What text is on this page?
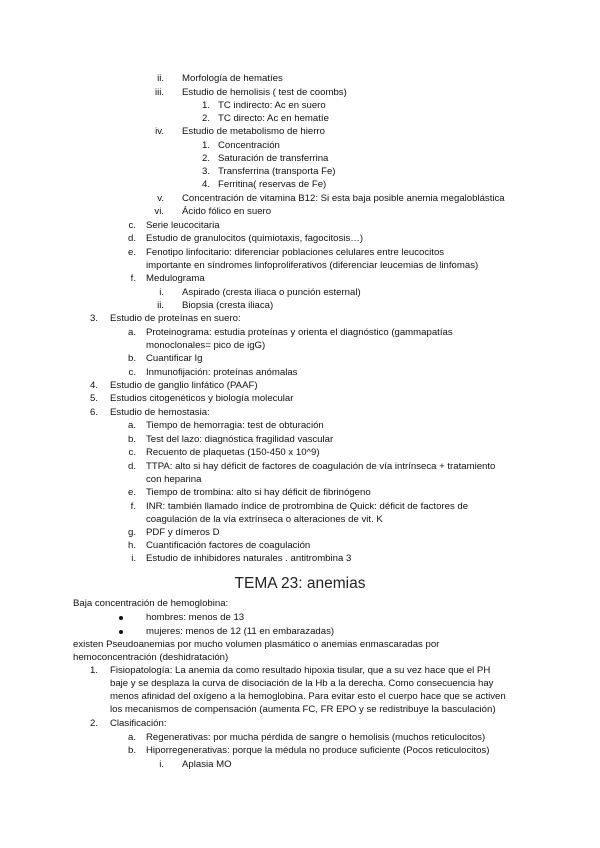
ii. Morfología de hematíes
iii. Estudio de hemolisis ( test de coombs)
1. TC indirecto: Ac en suero
2. TC directo: Ac en hematíe
iv. Estudio de metabolismo de hierro
1. Concentración
2. Saturación de transferrina
3. Transferrina (transporta Fe)
4. Ferritina( reservas de Fe)
v. Concentración de vitamina B12: Si esta baja posible anemia megaloblástica
vi. Ácido fólico en suero
c. Serie leucocitaria
d. Estudio de granulocitos (quimiotaxis, fagocitosis…)
e. Fenotipo linfocitario: diferenciar poblaciones celulares entre leucocitos
importante en síndromes linfoproliferativos (diferenciar leucemias de linfomas)
f. Medulograma
i. Aspirado (cresta iliaca o punción esternal)
ii. Biopsia (cresta iliaca)
3. Estudio de proteínas en suero:
a. Proteinograma: estudia proteínas y orienta el diagnóstico (gammapatías
monoclonales= pico de igG)
b. Cuantificar Ig
c. Inmunofijación: proteínas anómalas
4. Estudio de ganglio linfático (PAAF)
5. Estudios citogenéticos y biología molecular
6. Estudio de hemostasia:
a. Tiempo de hemorragia: test de obturación
b. Test del lazo: diagnóstica fragilidad vascular
c. Recuento de plaquetas (150-450 x 10^9)
d. TTPA: alto si hay déficit de factores de coagulación de vía intrínseca + tratamiento
con heparina
e. Tiempo de trombina: alto si hay déficit de fibrinógeno
f. INR: también llamado índice de protrombina de Quick: déficit de factores de
coagulación de la vía extrínseca o alteraciones de vit. K
g. PDF y dímeros D
h. Cuantificación factores de coagulación
i. Estudio de inhibidores naturales . antitrombina 3
TEMA 23: anemias
Baja concentración de hemoglobina:
hombres: menos de 13
mujeres: menos de 12 (11 en embarazadas)
existen Pseudoanemias por mucho volumen plasmático o anemias enmascaradas por
hemoconcentración (deshidratación)
1. Fisiopatología: La anemia da como resultado hipoxia tisular, que a su vez hace que el PH
baje y se desplaza la curva de disociación de la Hb a la derecha. Como consecuencia hay
menos afinidad del oxígeno a la hemoglobina. Para evitar esto el cuerpo hace que se activen
los mecanismos de compensación (aumenta FC, FR EPO y se redistribuye la basculación)
2. Clasificación:
a. Regenerativas: por mucha pérdida de sangre o hemolisis (muchos reticulocitos)
b. Hiporregenerativas: porque la médula no produce suficiente (Pocos reticulocitos)
i. Aplasia MO
